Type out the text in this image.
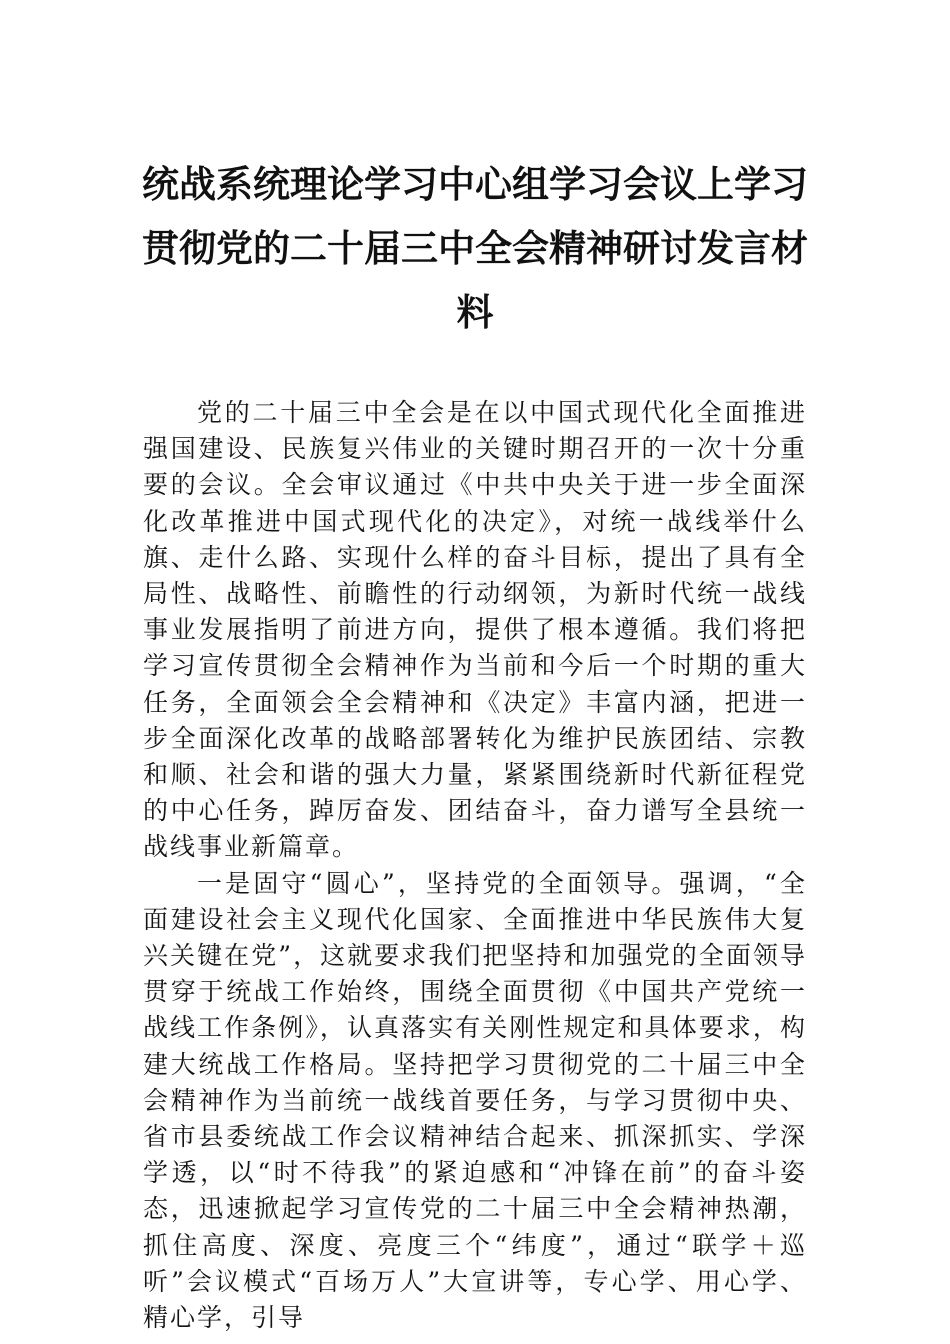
统战系统理论学习中心组学习会议上学习
贯彻党的二十届三中全会精神研讨发言材
料

党的二十届三中全会是在以中国式现代化全面推进强国建设、民族复兴伟业的关键时期召开的一次十分重要的会议。全会审议通过《中共中央关于进一步全面深化改革推进中国式现代化的决定》，对统一战线举什么旗、走什么路、实现什么样的奋斗目标，提出了具有全局性、战略性、前瞻性的行动纲领，为新时代统一战线事业发展指明了前进方向，提供了根本遵循。我们将把学习宣传贯彻全会精神作为当前和今后一个时期的重大任务，全面领会全会精神和《决定》丰富内涵，把进一步全面深化改革的战略部署转化为维护民族团结、宗教和顺、社会和谐的强大力量，紧紧围绕新时代新征程党的中心任务，踔厉奋发、团结奋斗，奋力谱写全县统一战线事业新篇章。

一是固守“圆心”，坚持党的全面领导。强调，“全面建设社会主义现代化国家、全面推进中华民族伟大复兴关键在党”，这就要求我们把坚持和加强党的全面领导贯穿于统战工作始终，围绕全面贯彻《中国共产党统一战线工作条例》，认真落实有关刚性规定和具体要求，构建大统战工作格局。坚持把学习贯彻党的二十届三中全会精神作为当前统一战线首要任务，与学习贯彻中央、省市县委统战工作会议精神结合起来、抓深抓实、学深学透，以“时不待我”的紧迫感和“冲锋在前”的奋斗姿态，迅速掀起学习宣传党的二十届三中全会精神热潮，抓住高度、深度、亮度三个“纬度”，通过“联学＋巡听”会议模式“百场万人”大宣讲等，专心学、用心学、精心学，引导
